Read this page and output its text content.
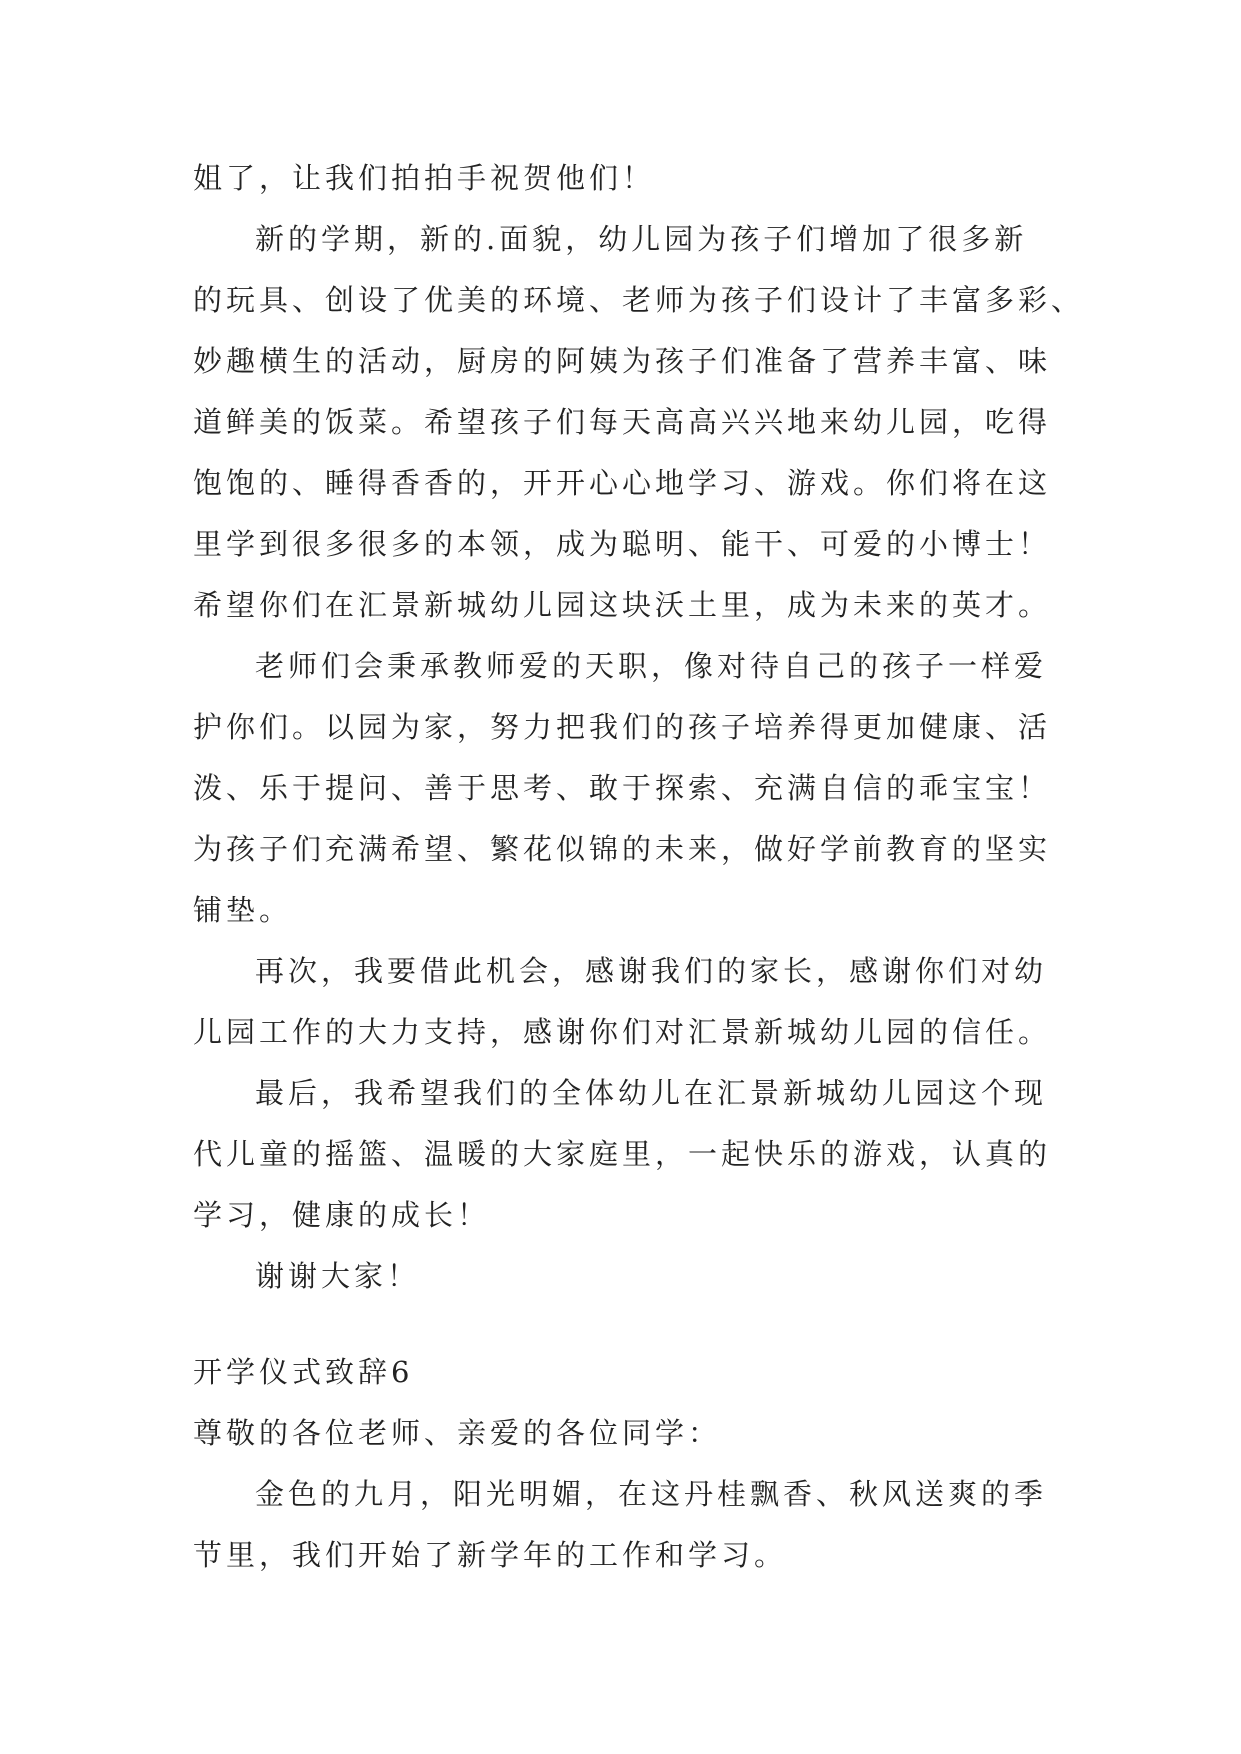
姐了，让我们拍拍手祝贺他们！
新的学期，新的.面貌，幼儿园为孩子们增加了很多新
的玩具、创设了优美的环境、老师为孩子们设计了丰富多彩、
妙趣横生的活动，厨房的阿姨为孩子们准备了营养丰富、味
道鲜美的饭菜。希望孩子们每天高高兴兴地来幼儿园，吃得
饱饱的、睡得香香的，开开心心地学习、游戏。你们将在这
里学到很多很多的本领，成为聪明、能干、可爱的小博士！
希望你们在汇景新城幼儿园这块沃土里，成为未来的英才。
老师们会秉承教师爱的天职，像对待自己的孩子一样爱
护你们。以园为家，努力把我们的孩子培养得更加健康、活
泼、乐于提问、善于思考、敢于探索、充满自信的乖宝宝！
为孩子们充满希望、繁花似锦的未来，做好学前教育的坚实
铺垫。
再次，我要借此机会，感谢我们的家长，感谢你们对幼
儿园工作的大力支持，感谢你们对汇景新城幼儿园的信任。
最后，我希望我们的全体幼儿在汇景新城幼儿园这个现
代儿童的摇篮、温暖的大家庭里，一起快乐的游戏，认真的
学习，健康的成长！
谢谢大家！
开学仪式致辞6
尊敬的各位老师、亲爱的各位同学：
金色的九月，阳光明媚，在这丹桂飘香、秋风送爽的季
节里，我们开始了新学年的工作和学习。
